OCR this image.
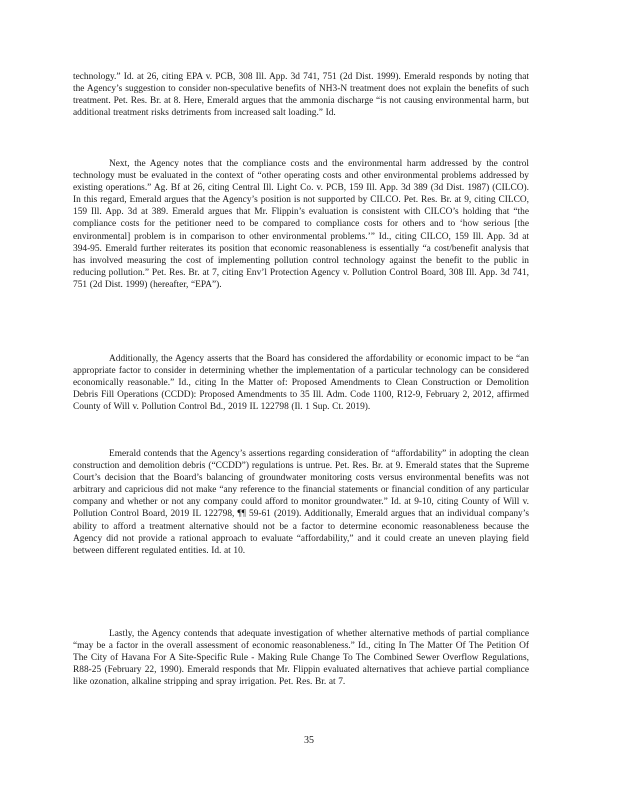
technology.” Id. at 26, citing EPA v. PCB, 308 Ill. App. 3d 741, 751 (2d Dist. 1999). Emerald responds by noting that the Agency’s suggestion to consider non-speculative benefits of NH3-N treatment does not explain the benefits of such treatment. Pet. Res. Br. at 8. Here, Emerald argues that the ammonia discharge “is not causing environmental harm, but additional treatment risks detriments from increased salt loading.” Id.

Next, the Agency notes that the compliance costs and the environmental harm addressed by the control technology must be evaluated in the context of “other operating costs and other environmental problems addressed by existing operations.” Ag. Bf at 26, citing Central Ill. Light Co. v. PCB, 159 Ill. App. 3d 389 (3d Dist. 1987) (CILCO). In this regard, Emerald argues that the Agency’s position is not supported by CILCO. Pet. Res. Br. at 9, citing CILCO, 159 Ill. App. 3d at 389. Emerald argues that Mr. Flippin’s evaluation is consistent with CILCO’s holding that “the compliance costs for the petitioner need to be compared to compliance costs for others and to ‘how serious [the environmental] problem is in comparison to other environmental problems.’” Id., citing CILCO, 159 Ill. App. 3d at 394-95. Emerald further reiterates its position that economic reasonableness is essentially “a cost/benefit analysis that has involved measuring the cost of implementing pollution control technology against the benefit to the public in reducing pollution.” Pet. Res. Br. at 7, citing Env’l Protection Agency v. Pollution Control Board, 308 Ill. App. 3d 741, 751 (2d Dist. 1999) (hereafter, “EPA”).

Additionally, the Agency asserts that the Board has considered the affordability or economic impact to be “an appropriate factor to consider in determining whether the implementation of a particular technology can be considered economically reasonable.” Id., citing In the Matter of: Proposed Amendments to Clean Construction or Demolition Debris Fill Operations (CCDD): Proposed Amendments to 35 Ill. Adm. Code 1100, R12-9, February 2, 2012, affirmed County of Will v. Pollution Control Bd., 2019 IL 122798 (Il. 1 Sup. Ct. 2019).

Emerald contends that the Agency’s assertions regarding consideration of “affordability” in adopting the clean construction and demolition debris (“CCDD”) regulations is untrue. Pet. Res. Br. at 9. Emerald states that the Supreme Court’s decision that the Board’s balancing of groundwater monitoring costs versus environmental benefits was not arbitrary and capricious did not make “any reference to the financial statements or financial condition of any particular company and whether or not any company could afford to monitor groundwater.” Id. at 9-10, citing County of Will v. Pollution Control Board, 2019 IL 122798, ¶¶ 59-61 (2019). Additionally, Emerald argues that an individual company’s ability to afford a treatment alternative should not be a factor to determine economic reasonableness because the Agency did not provide a rational approach to evaluate “affordability,” and it could create an uneven playing field between different regulated entities. Id. at 10.

Lastly, the Agency contends that adequate investigation of whether alternative methods of partial compliance “may be a factor in the overall assessment of economic reasonableness.” Id., citing In The Matter Of The Petition Of The City of Havana For A Site-Specific Rule - Making Rule Change To The Combined Sewer Overflow Regulations, R88-25 (February 22, 1990). Emerald responds that Mr. Flippin evaluated alternatives that achieve partial compliance like ozonation, alkaline stripping and spray irrigation. Pet. Res. Br. at 7.

35
